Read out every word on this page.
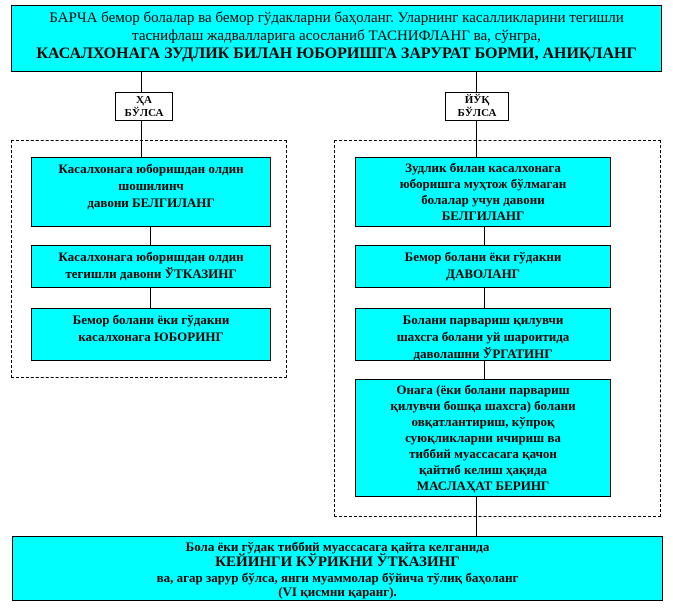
БАРЧА бемор болалар ва бемор гўдакларни баҳоланг. Уларнинг касалликларини тегишли
таснифлаш жадвалларига асосланиб ТАСНИФЛАНГ ва, сўнгра,
КАСАЛХОНАГА ЗУДЛИК БИЛАН ЮБОРИШГА ЗАРУРАТ БОРМИ, АНИҚЛАНГ
ҲА
БЎЛСА
ЙЎҚ
БЎЛСА
Касалхонага юборишдан олдин
шошилинч
давони БЕЛГИЛАНГ
Касалхонага юборишдан олдин
тегишли давони ЎТКАЗИНГ
Бемор болани ёки гўдакни
касалхонага ЮБОРИНГ
Зудлик билан касалхонага
юборишга муҳтож бўлмаган
болалар учун давони
БЕЛГИЛАНГ
Бемор болани ёки гўдакни
ДАВОЛАНГ
Болани парвариш қилувчи
шахсга болани уй шароитида
даволашни ЎРГАТИНГ
Онага (ёки болани парвариш
қилувчи бошқа шахсга) болани
овқатлантириш, кўпроқ
суюқликларни ичириш ва
тиббий муассасага қачон
қайтиб келиш ҳақида
МАСЛАҲАТ БЕРИНГ
Бола ёки гўдак тиббий муассасага қайта келганида
КЕЙИНГИ КЎРИКНИ ЎТКАЗИНГ
ва, агар зарур бўлса, янги муаммолар бўйича тўлиқ баҳоланг
(VI қисмни қаранг).
